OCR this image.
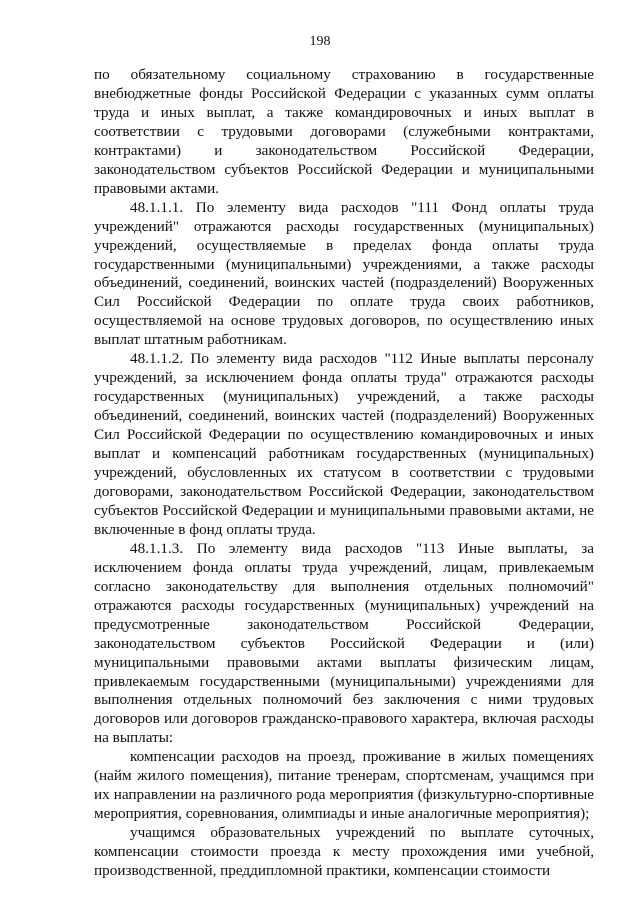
198

по обязательному социальному страхованию в государственные внебюджетные фонды Российской Федерации с указанных сумм оплаты труда и иных выплат, а также командировочных и иных выплат в соответствии с трудовыми договорами (служебными контрактами, контрактами) и законодательством Российской Федерации, законодательством субъектов Российской Федерации и муниципальными правовыми актами.

48.1.1.1. По элементу вида расходов "111 Фонд оплаты труда учреждений" отражаются расходы государственных (муниципальных) учреждений, осуществляемые в пределах фонда оплаты труда государственными (муниципальными) учреждениями, а также расходы объединений, соединений, воинских частей (подразделений) Вооруженных Сил Российской Федерации по оплате труда своих работников, осуществляемой на основе трудовых договоров, по осуществлению иных выплат штатным работникам.

48.1.1.2. По элементу вида расходов "112 Иные выплаты персоналу учреждений, за исключением фонда оплаты труда" отражаются расходы государственных (муниципальных) учреждений, а также расходы объединений, соединений, воинских частей (подразделений) Вооруженных Сил Российской Федерации по осуществлению командировочных и иных выплат и компенсаций работникам государственных (муниципальных) учреждений, обусловленных их статусом в соответствии с трудовыми договорами, законодательством Российской Федерации, законодательством субъектов Российской Федерации и муниципальными правовыми актами, не включенные в фонд оплаты труда.

48.1.1.3. По элементу вида расходов "113 Иные выплаты, за исключением фонда оплаты труда учреждений, лицам, привлекаемым согласно законодательству для выполнения отдельных полномочий" отражаются расходы государственных (муниципальных) учреждений на предусмотренные законодательством Российской Федерации, законодательством субъектов Российской Федерации и (или) муниципальными правовыми актами выплаты физическим лицам, привлекаемым государственными (муниципальными) учреждениями для выполнения отдельных полномочий без заключения с ними трудовых договоров или договоров гражданско-правового характера, включая расходы на выплаты:

компенсации расходов на проезд, проживание в жилых помещениях (найм жилого помещения), питание тренерам, спортсменам, учащимся при их направлении на различного рода мероприятия (физкультурно-спортивные мероприятия, соревнования, олимпиады и иные аналогичные мероприятия);

учащимся образовательных учреждений по выплате суточных, компенсации стоимости проезда к месту прохождения ими учебной, производственной, преддипломной практики, компенсации стоимости
